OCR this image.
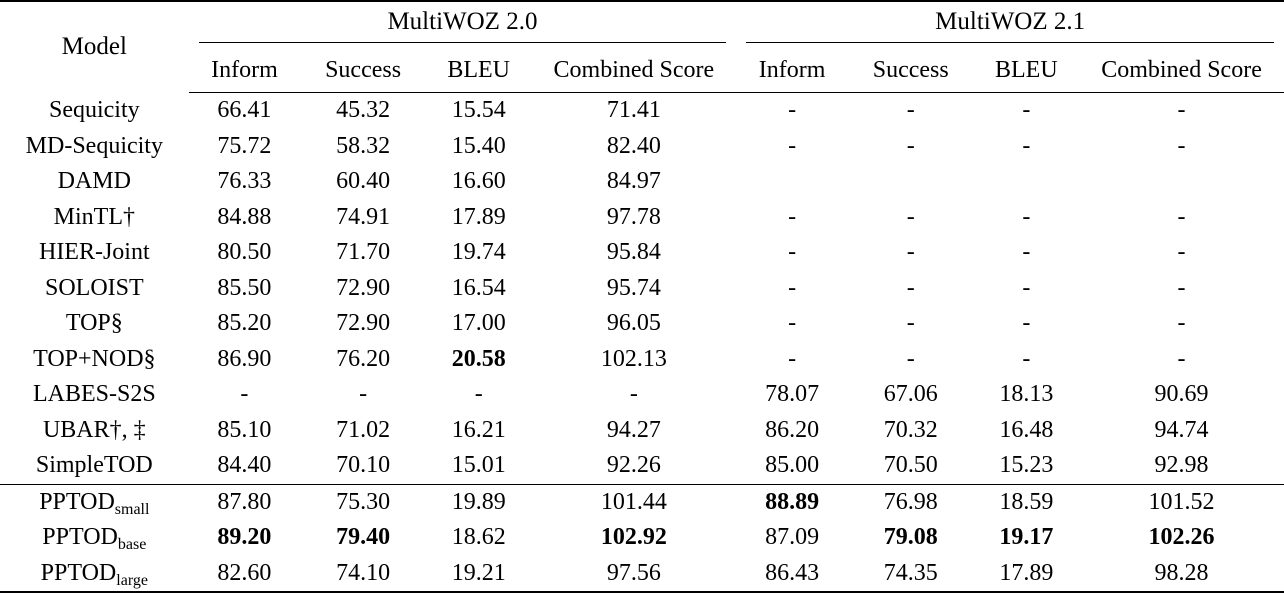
Model	MultiWOZ 2.0				MultiWOZ 2.1			

	Inform	Success	BLEU	Combined Score	Inform	Success	BLEU	Combined Score
Sequicity	66.41	45.32	15.54	71.41	-	-	-	-
MD-Sequicity	75.72	58.32	15.40	82.40	-	-	-	-
DAMD	76.33	60.40	16.60	84.97				
MinTL†	84.88	74.91	17.89	97.78	-	-	-	-
HIER-Joint	80.50	71.70	19.74	95.84	-	-	-	-
SOLOIST	85.50	72.90	16.54	95.74	-	-	-	-
TOP§	85.20	72.90	17.00	96.05	-	-	-	-
TOP+NOD§	86.90	76.20	20.58	102.13	-	-	-	-
LABES-S2S	-	-	-	-	78.07	67.06	18.13	90.69
UBAR†, ‡	85.10	71.02	16.21	94.27	86.20	70.32	16.48	94.74
SimpleTOD	84.40	70.10	15.01	92.26	85.00	70.50	15.23	92.98
$PPTOD_{small}$	87.80	75.30	19.89	101.44	88.89	76.98	18.59	101.52
$PPTOD_{base}$	89.20	79.40	18.62	102.92	87.09	79.08	19.17	102.26
$PPTOD_{large}$	82.60	74.10	19.21	97.56	86.43	74.35	17.89	98.28
